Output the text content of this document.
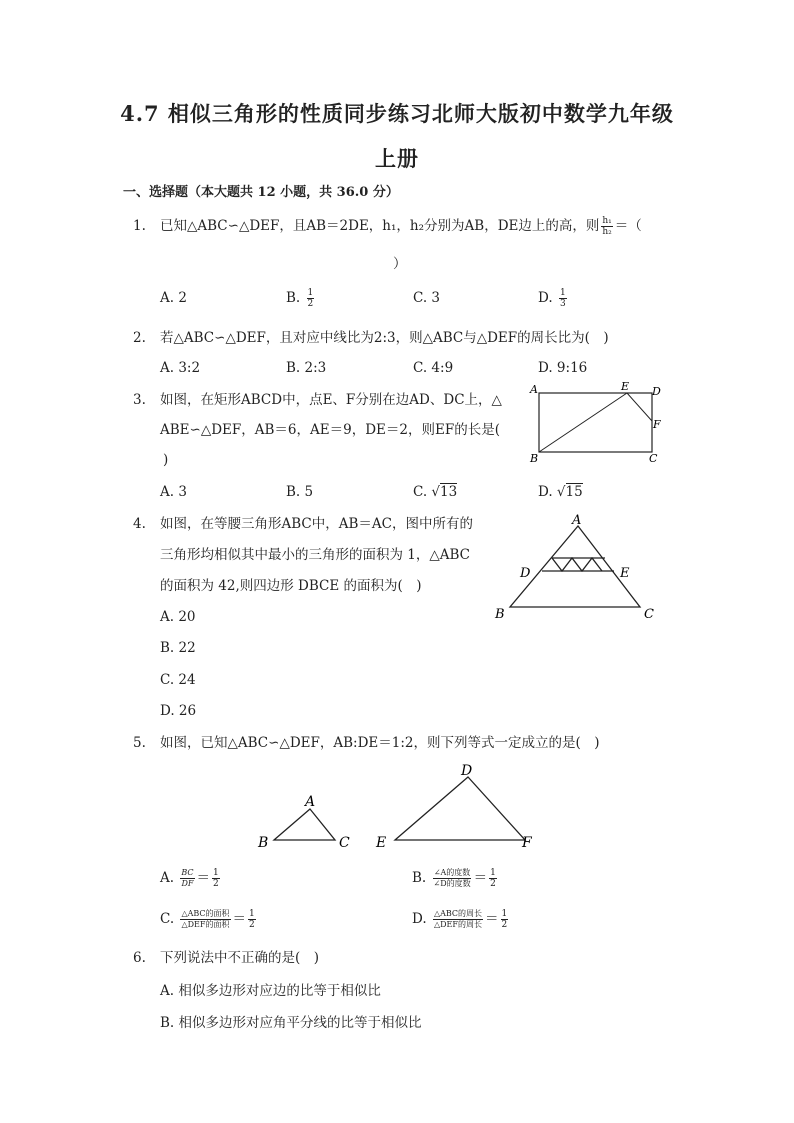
4.7 相似三角形的性质同步练习北师大版初中数学九年级
上册
一、选择题（本大题共 12 小题，共 36.0 分）
1. 已知△ABC∽△DEF，且AB＝2DE，h₁，h₂分别为AB，DE边上的高，则 $\frac{\text{h₁}}{\text{h₂}}$ ＝（
）
A. 2	B. $\frac{1}{2}$	C. 3	D. $\frac{1}{3}$
2. 若△ABC∽△DEF，且对应中线比为2:3，则△ABC与△DEF的周长比为(　)
A. 3:2	B. 2:3	C. 4:9	D. 9:16
3. 如图，在矩形ABCD中，点E、F分别在边AD、DC上，△
ABE∽△DEF，AB＝6，AE＝9，DE＝2，则EF的长是(
)
A
B	C
D
E
F
A. 3	B. 5	C. √13	D. √15
4. 如图，在等腰三角形ABC中，AB＝AC，图中所有的
三角形均相似其中最小的三角形的面积为 1，△ABC
的面积为 42,则四边形 DBCE 的面积为(　)
A
B	C
D	E
A. 20
B. 22
C. 24
D. 26
5. 如图，已知△ABC∽△DEF，AB:DE＝1:2，则下列等式一定成立的是(　)
A
B	C
D
E	F
A. $\frac{BC}{DF} = \frac{1}{2}$	B. $\frac{\text{∠A的度数}}{\text{∠D的度数}} = \frac{1}{2}$
C. $\frac{\text{△ABC的面积}}{\text{△DEF的面积}} = \frac{1}{2}$	D. $\frac{\text{△ABC的周长}}{\text{△DEF的周长}} = \frac{1}{2}$
6. 下列说法中不正确的是(　)
A. 相似多边形对应边的比等于相似比
B. 相似多边形对应角平分线的比等于相似比
